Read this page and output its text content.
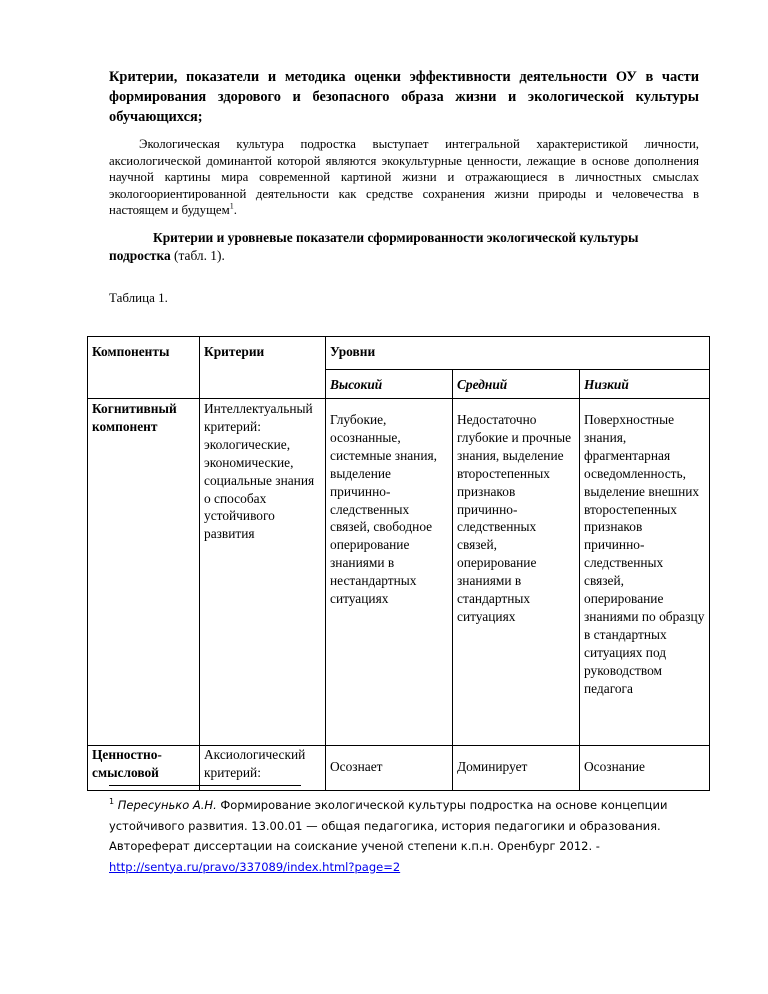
Критерии, показатели и методика оценки эффективности деятельности ОУ в части формирования здорового и безопасного образа жизни и экологической культуры обучающихся;
Экологическая культура подростка выступает интегральной характеристикой личности, аксиологической доминантой которой являются экокультурные ценности, лежащие в основе дополнения научной картины мира современной картиной жизни и отражающиеся в личностных смыслах экологоориентированной деятельности как средстве сохранения жизни природы и человечества в настоящем и будущем$^1$.
Критерии и уровневые показатели сформированности экологической культуры подростка (табл. 1).
Таблица 1.
Компоненты	Критерии	Уровни		
		Высокий	Средний	Низкий
Когнитивный компонент	Интеллектуальный критерий: экологические, экономические, социальные знания о способах устойчивого развития	Глубокие, осознанные, системные знания, выделение причинно-следственных связей, свободное оперирование знаниями в нестандартных ситуациях	Недостаточно глубокие и прочные знания, выделение второстепенных признаков причинно-следственных связей, оперирование знаниями в стандартных ситуациях	Поверхностные знания, фрагментарная осведомленность, выделение внешних второстепенных признаков причинно-следственных связей, оперирование знаниями по образцу в стандартных ситуациях под руководством педагога
Ценностно-смысловой	Аксиологический критерий:	Осознает	Доминирует	Осознание
$^1$ Пересунько А.Н. Формирование экологической культуры подростка на основе концепции устойчивого развития. 13.00.01 — общая педагогика, история педагогики и образования. Автореферат диссертации на соискание ученой степени к.п.н. Оренбург 2012. - http://sentya.ru/pravo/337089/index.html?page=2
